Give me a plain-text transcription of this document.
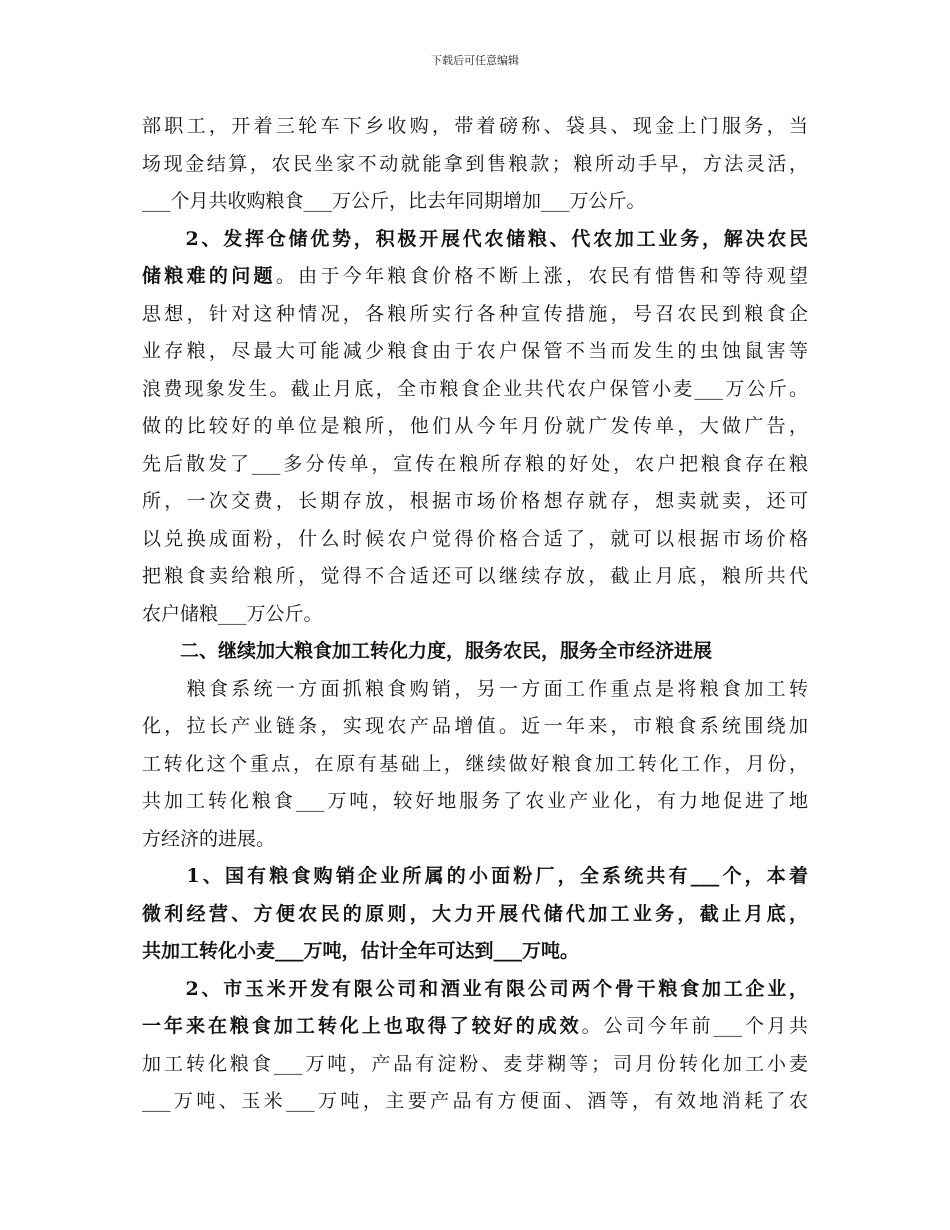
下载后可任意编辑
部职工，开着三轮车下乡收购，带着磅称、袋具、现金上门服务，当
场现金结算，农民坐家不动就能拿到售粮款；粮所动手早，方法灵活，
___个月共收购粮食___万公斤，比去年同期增加___万公斤。
　　2、发挥仓储优势，积极开展代农储粮、代农加工业务，解决农民
储粮难的问题。由于今年粮食价格不断上涨，农民有惜售和等待观望
思想，针对这种情况，各粮所实行各种宣传措施，号召农民到粮食企
业存粮，尽最大可能减少粮食由于农户保管不当而发生的虫蚀鼠害等
浪费现象发生。截止月底，全市粮食企业共代农户保管小麦___万公斤。
做的比较好的单位是粮所，他们从今年月份就广发传单，大做广告，
先后散发了___多分传单，宣传在粮所存粮的好处，农户把粮食存在粮
所，一次交费，长期存放，根据市场价格想存就存，想卖就卖，还可
以兑换成面粉，什么时候农户觉得价格合适了，就可以根据市场价格
把粮食卖给粮所，觉得不合适还可以继续存放，截止月底，粮所共代
农户储粮___万公斤。
　　二、继续加大粮食加工转化力度，服务农民，服务全市经济进展
　　粮食系统一方面抓粮食购销，另一方面工作重点是将粮食加工转
化，拉长产业链条，实现农产品增值。近一年来，市粮食系统围绕加
工转化这个重点，在原有基础上，继续做好粮食加工转化工作，月份，
共加工转化粮食___万吨，较好地服务了农业产业化，有力地促进了地
方经济的进展。
　　1、国有粮食购销企业所属的小面粉厂，全系统共有___个，本着
微利经营、方便农民的原则，大力开展代储代加工业务，截止月底，
共加工转化小麦___万吨，估计全年可达到___万吨。
　　2、市玉米开发有限公司和酒业有限公司两个骨干粮食加工企业，
一年来在粮食加工转化上也取得了较好的成效。公司今年前___个月共
加工转化粮食___万吨，产品有淀粉、麦芽糊等；司月份转化加工小麦
___万吨、玉米___万吨，主要产品有方便面、酒等，有效地消耗了农
